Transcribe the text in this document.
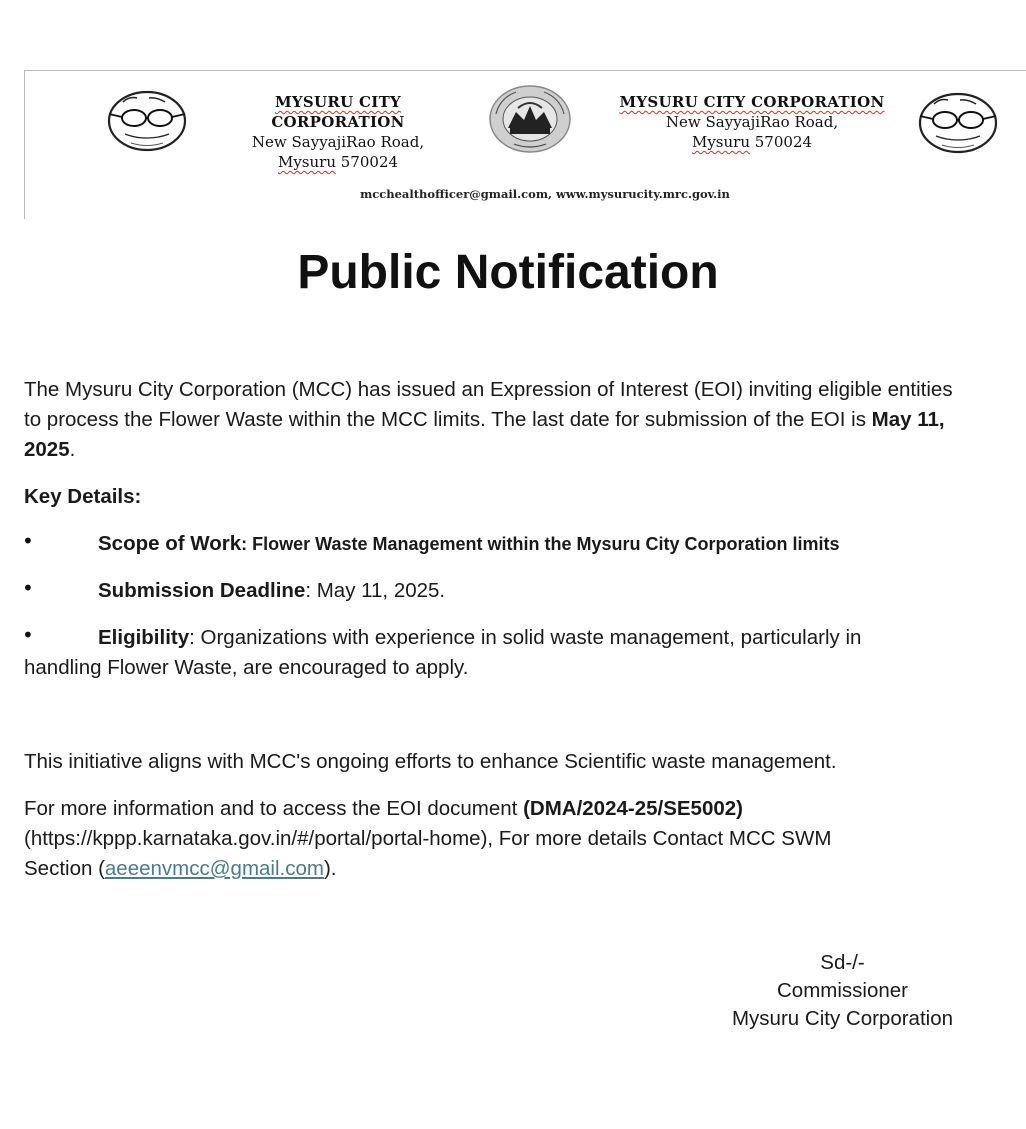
MYSURU CITY
CORPORATION
New SayyajiRao Road,
Mysuru 570024
MYSURU CITY CORPORATION
New SayyajiRao Road,
Mysuru 570024
mcchealthofficer@gmail.com, www.mysurucity.mrc.gov.in
Public Notification
The Mysuru City Corporation (MCC) has issued an Expression of Interest (EOI) inviting eligible entities to process the Flower Waste within the MCC limits. The last date for submission of the EOI is May 11, 2025.
Key Details:
•	Scope of Work: Flower Waste Management within the Mysuru City Corporation limits
•	Submission Deadline: May 11, 2025.
•	Eligibility: Organizations with experience in solid waste management, particularly in
handling Flower Waste, are encouraged to apply.
This initiative aligns with MCC's ongoing efforts to enhance Scientific waste management.
For more information and to access the EOI document (DMA/2024-25/SE5002)
(https://kppp.karnataka.gov.in/#/portal/portal-home), For more details Contact MCC SWM
Section (aeeenvmcc@gmail.com).
Sd-/-
Commissioner
Mysuru City Corporation
